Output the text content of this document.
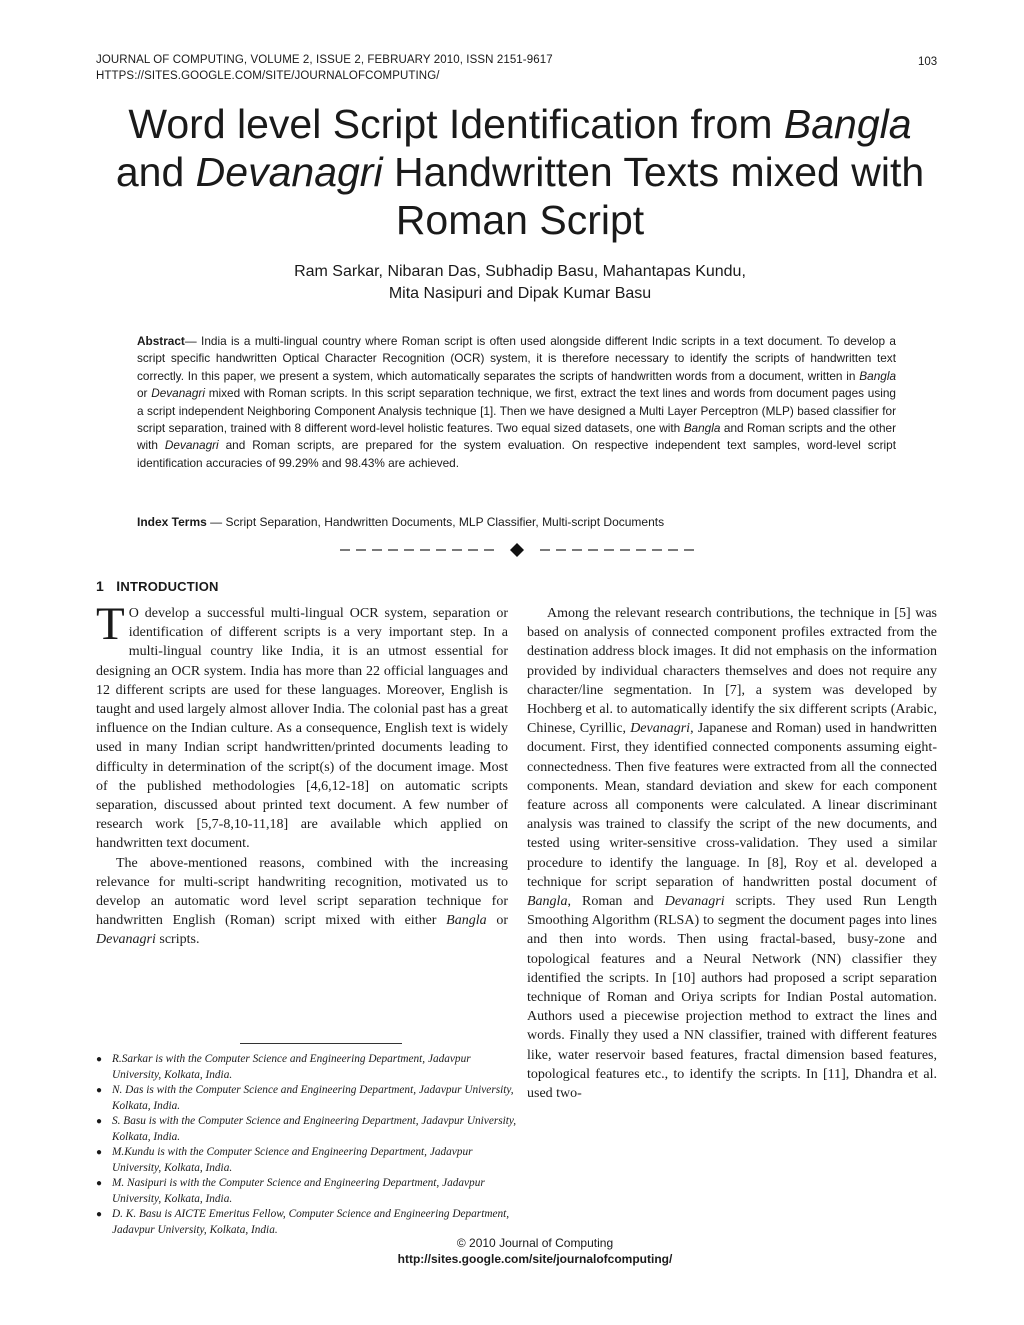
JOURNAL OF COMPUTING, VOLUME 2, ISSUE 2, FEBRUARY 2010, ISSN 2151-9617
HTTPS://SITES.GOOGLE.COM/SITE/JOURNALOFCOMPUTING/
103
Word level Script Identification from Bangla
and Devanagri Handwritten Texts mixed with Roman Script
Ram Sarkar, Nibaran Das, Subhadip Basu, Mahantapas Kundu,
Mita Nasipuri and Dipak Kumar Basu

Abstract— India is a multi-lingual country where Roman script is often used alongside different Indic scripts in a text document. To develop a script specific handwritten Optical Character Recognition (OCR) system, it is therefore necessary to identify the scripts of handwritten text correctly. In this paper, we present a system, which automatically separates the scripts of handwritten words from a document, written in Bangla or Devanagri mixed with Roman scripts. In this script separation technique, we first, extract the text lines and words from document pages using a script independent Neighboring Component Analysis technique [1]. Then we have designed a Multi Layer Perceptron (MLP) based classifier for script separation, trained with 8 different word-level holistic features. Two equal sized datasets, one with Bangla and Roman scripts and the other with Devanagri and Roman scripts, are prepared for the system evaluation. On respective independent text samples, word-level script identification accuracies of 99.29% and 98.43% are achieved.

Index Terms — Script Separation, Handwritten Documents, MLP Classifier, Multi-script Documents

1 INTRODUCTION

T O develop a successful multi-lingual OCR system, separation or identification of different scripts is a very important step. In a multi-lingual country like India, it is an utmost essential for designing an OCR system. India has more than 22 official languages and 12 different scripts are used for these languages. Moreover, English is taught and used largely almost allover India. The colonial past has a great influence on the Indian culture. As a consequence, English text is widely used in many Indian script handwritten/printed documents leading to difficulty in determination of the script(s) of the document image. Most of the published methodologies [4,6,12-18] on automatic scripts separation, discussed about printed text document. A few number of research work [5,7-8,10-11,18] are available which applied on handwritten text document.

The above-mentioned reasons, combined with the increasing relevance for multi-script handwriting recognition, motivated us to develop an automatic word level script separation technique for handwritten English (Roman) script mixed with either Bangla or Devanagri scripts.

● R.Sarkar is with the Computer Science and Engineering Department, Jadavpur University, Kolkata, India.
● N. Das is with the Computer Science and Engineering Department, Jadavpur University, Kolkata, India.
● S. Basu is with the Computer Science and Engineering Department, Jadavpur University, Kolkata, India.
● M.Kundu is with the Computer Science and Engineering Department, Jadavpur University, Kolkata, India.
● M. Nasipuri is with the Computer Science and Engineering Department, Jadavpur University, Kolkata, India.
● D. K. Basu is AICTE Emeritus Fellow, Computer Science and Engineering Department, Jadavpur University, Kolkata, India.

Among the relevant research contributions, the technique in [5] was based on analysis of connected component profiles extracted from the destination address block images. It did not emphasis on the information provided by individual characters themselves and does not require any character/line segmentation. In [7], a system was developed by Hochberg et al. to automatically identify the six different scripts (Arabic, Chinese, Cyrillic, Devanagri, Japanese and Roman) used in handwritten document. First, they identified connected components assuming eight-connectedness. Then five features were extracted from all the connected components. Mean, standard deviation and skew for each component feature across all components were calculated. A linear discriminant analysis was trained to classify the script of the new documents, and tested using writer-sensitive cross-validation. They used a similar procedure to identify the language. In [8], Roy et al. developed a technique for script separation of handwritten postal document of Bangla, Roman and Devanagri scripts. They used Run Length Smoothing Algorithm (RLSA) to segment the document pages into lines and then into words. Then using fractal-based, busy-zone and topological features and a Neural Network (NN) classifier they identified the scripts. In [10] authors had proposed a script separation technique of Roman and Oriya scripts for Indian Postal automation. Authors used a piecewise projection method to extract the lines and words. Finally they used a NN classifier, trained with different features like, water reservoir based features, fractal dimension based features, topological features etc., to identify the scripts. In [11], Dhandra et al. used two-

© 2010 Journal of Computing
http://sites.google.com/site/journalofcomputing/
